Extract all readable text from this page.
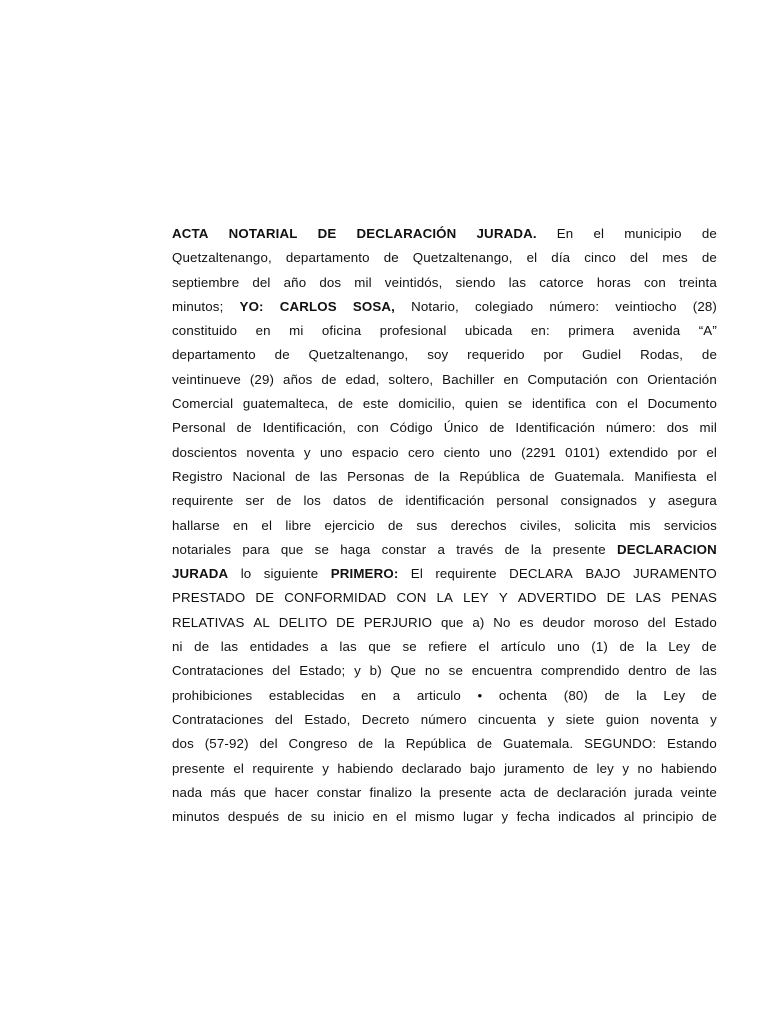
ACTA NOTARIAL DE DECLARACIÓN JURADA. En el municipio de
Quetzaltenango, departamento de Quetzaltenango, el día cinco del mes de
septiembre del año dos mil veintidós, siendo las catorce horas con treinta
minutos; YO: CARLOS SOSA, Notario, colegiado número: veintiocho (28)
constituido en mi oficina profesional ubicada en: primera avenida “A”
departamento de Quetzaltenango, soy requerido por Gudiel Rodas, de
veintinueve (29) años de edad, soltero, Bachiller en Computación con Orientación
Comercial guatemalteca, de este domicilio, quien se identifica con el Documento
Personal de Identificación, con Código Único de Identificación número: dos mil
doscientos noventa y uno espacio cero ciento uno (2291 0101) extendido por el
Registro Nacional de las Personas de la República de Guatemala. Manifiesta el
requirente ser de los datos de identificación personal consignados y asegura
hallarse en el libre ejercicio de sus derechos civiles, solicita mis servicios
notariales para que se haga constar a través de la presente DECLARACION
JURADA lo siguiente PRIMERO: El requirente DECLARA BAJO JURAMENTO
PRESTADO DE CONFORMIDAD CON LA LEY Y ADVERTIDO DE LAS PENAS
RELATIVAS AL DELITO DE PERJURIO que a) No es deudor moroso del Estado
ni de las entidades a las que se refiere el artículo uno (1) de la Ley de
Contrataciones del Estado; y b) Que no se encuentra comprendido dentro de las
prohibiciones establecidas en a articulo • ochenta (80) de la Ley de
Contrataciones del Estado, Decreto número cincuenta y siete guion noventa y
dos (57-92) del Congreso de la República de Guatemala. SEGUNDO: Estando
presente el requirente y habiendo declarado bajo juramento de ley y no habiendo
nada más que hacer constar finalizo la presente acta de declaración jurada veinte
minutos después de su inicio en el mismo lugar y fecha indicados al principio de
